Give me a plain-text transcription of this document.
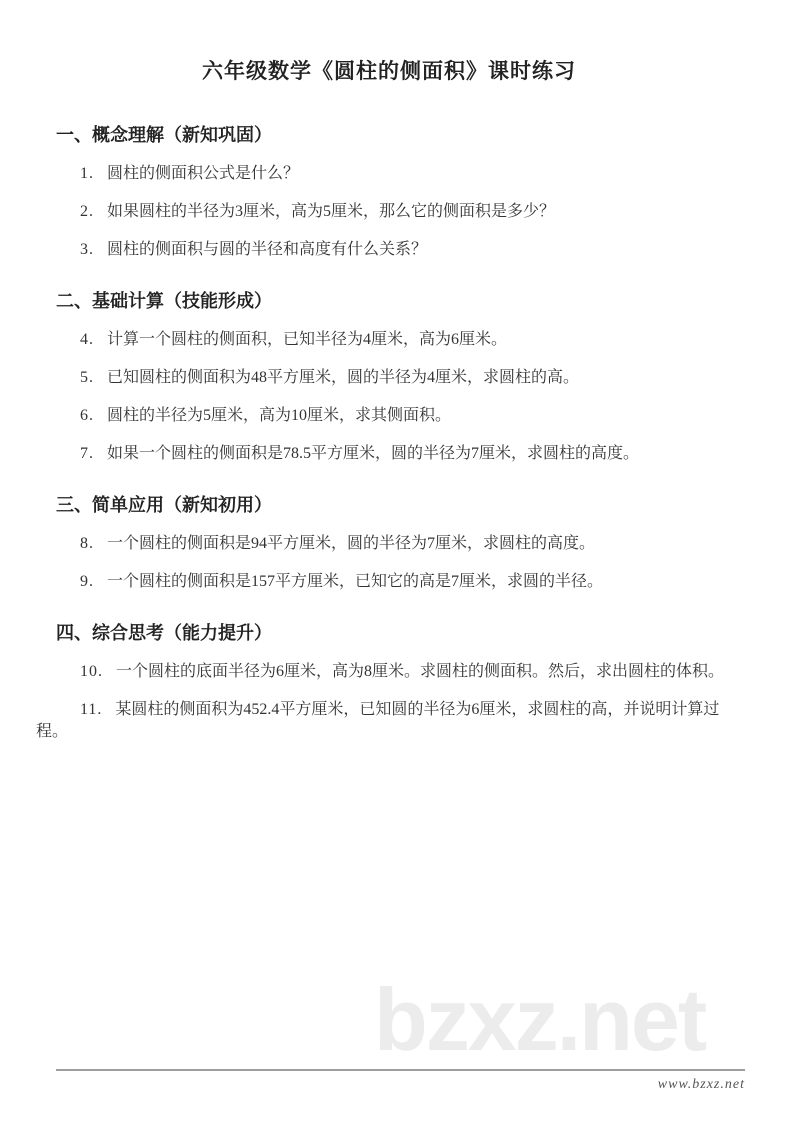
六年级数学《圆柱的侧面积》课时练习
一、概念理解（新知巩固）

1. 圆柱的侧面积公式是什么？

2. 如果圆柱的半径为3厘米，高为5厘米，那么它的侧面积是多少？

3. 圆柱的侧面积与圆的半径和高度有什么关系？

二、基础计算（技能形成）

4. 计算一个圆柱的侧面积，已知半径为4厘米，高为6厘米。

5. 已知圆柱的侧面积为48平方厘米，圆的半径为4厘米，求圆柱的高。

6. 圆柱的半径为5厘米，高为10厘米，求其侧面积。

7. 如果一个圆柱的侧面积是78.5平方厘米，圆的半径为7厘米，求圆柱的高度。

三、简单应用（新知初用）

8. 一个圆柱的侧面积是94平方厘米，圆的半径为7厘米，求圆柱的高度。

9. 一个圆柱的侧面积是157平方厘米，已知它的高是7厘米，求圆的半径。

四、综合思考（能力提升）

10. 一个圆柱的底面半径为6厘米，高为8厘米。求圆柱的侧面积。然后，求出圆柱的体积。

11. 某圆柱的侧面积为452.4平方厘米，已知圆的半径为6厘米，求圆柱的高，并说明计算过程。

bzxz.net
www.bzxz.net
